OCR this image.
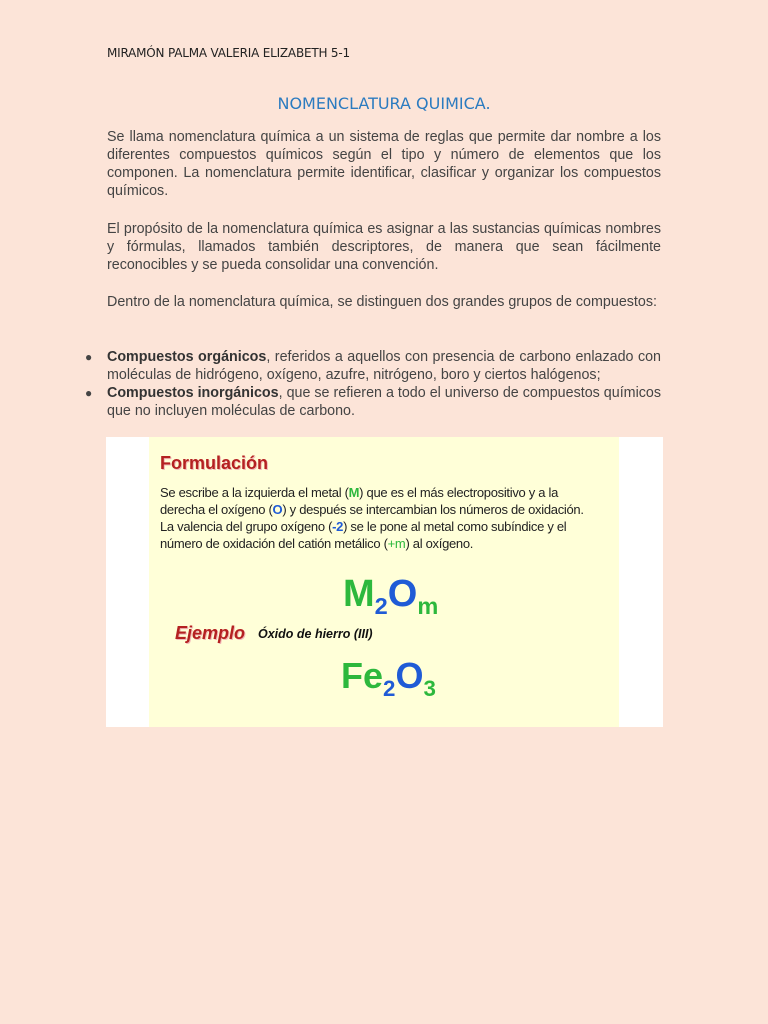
MIRAMÓN PALMA VALERIA ELIZABETH 5-1
NOMENCLATURA QUIMICA.
Se llama nomenclatura química a un sistema de reglas que permite dar nombre a los diferentes compuestos químicos según el tipo y número de elementos que los componen. La nomenclatura permite identificar, clasificar y organizar los compuestos químicos.
El propósito de la nomenclatura química es asignar a las sustancias químicas nombres y fórmulas, llamados también descriptores, de manera que sean fácilmente reconocibles y se pueda consolidar una convención.
Dentro de la nomenclatura química, se distinguen dos grandes grupos de compuestos:
● Compuestos orgánicos, referidos a aquellos con presencia de carbono enlazado con moléculas de hidrógeno, oxígeno, azufre, nitrógeno, boro y ciertos halógenos;
● Compuestos inorgánicos, que se refieren a todo el universo de compuestos químicos que no incluyen moléculas de carbono.
Formulación
Se escribe a la izquierda el metal (M) que es el más electropositivo y a la derecha el oxígeno (O) y después se intercambian los números de oxidación. La valencia del grupo oxígeno (-2) se le pone al metal como subíndice y el número de oxidación del catión metálico (+m) al oxígeno.
$M_2O_m$
Ejemplo Óxido de hierro (III)
$Fe_2O_3$
